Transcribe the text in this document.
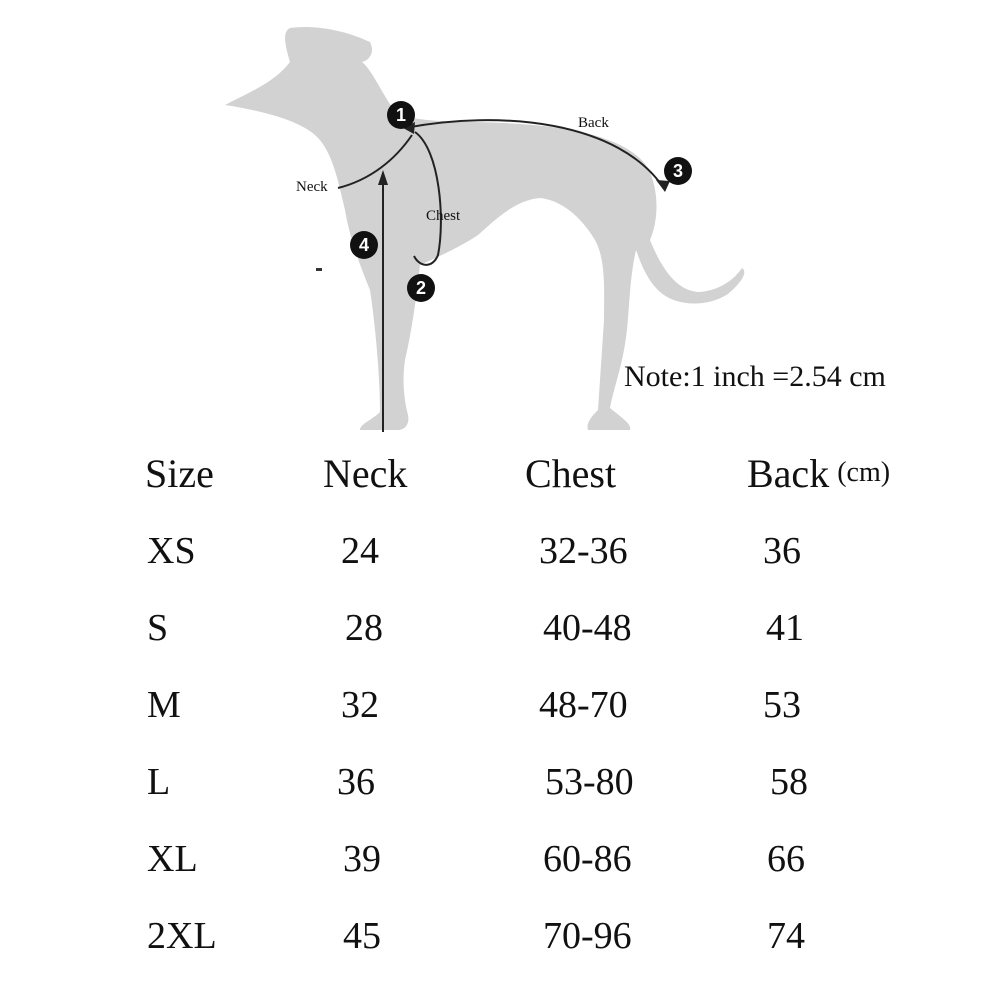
Neck
Chest
Back
1
2
3
4
Note:1 inch =2.54 cm
Size	Neck	Chest	Back (cm)
XS	24	32-36	36
S	28	40-48	41
M	32	48-70	53
L	36	53-80	58
XL	39	60-86	66
2XL	45	70-96	74
